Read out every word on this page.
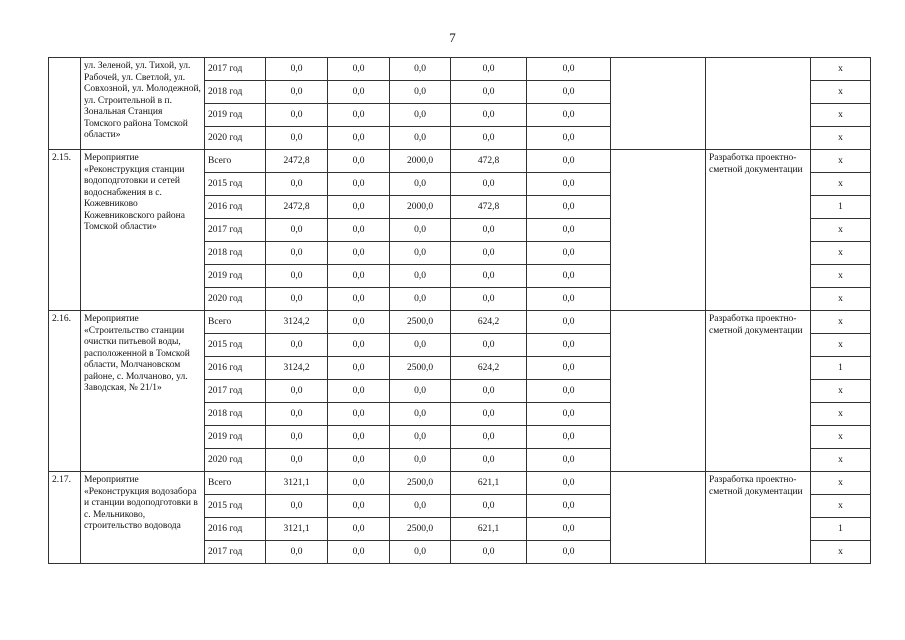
7
	ул. Зеленой, ул. Тихой, ул. Рабочей, ул. Светлой, ул. Совхозной, ул. Молодежной, ул. Строительной в п. Зональная Станция Томского района Томской области»	2017 год	0,0	0,0	0,0	0,0	0,0			х
		2018 год	0,0	0,0	0,0	0,0	0,0			х
		2019 год	0,0	0,0	0,0	0,0	0,0			х
		2020 год	0,0	0,0	0,0	0,0	0,0			х
2.15.	Мероприятие «Реконструкция станции водоподготовки и сетей водоснабжения в с. Кожевниково Кожевниковского района Томской области»	Всего	2472,8	0,0	2000,0	472,8	0,0		Разработка проектно-сметной документации	х
		2015 год	0,0	0,0	0,0	0,0	0,0			х
		2016 год	2472,8	0,0	2000,0	472,8	0,0			1
		2017 год	0,0	0,0	0,0	0,0	0,0			х
		2018 год	0,0	0,0	0,0	0,0	0,0			х
		2019 год	0,0	0,0	0,0	0,0	0,0			х
		2020 год	0,0	0,0	0,0	0,0	0,0			х
2.16.	Мероприятие «Строительство станции очистки питьевой воды, расположенной в Томской области, Молчановском районе, с. Молчаново, ул. Заводская, № 21/1»	Всего	3124,2	0,0	2500,0	624,2	0,0		Разработка проектно-сметной документации	х
		2015 год	0,0	0,0	0,0	0,0	0,0			х
		2016 год	3124,2	0,0	2500,0	624,2	0,0			1
		2017 год	0,0	0,0	0,0	0,0	0,0			х
		2018 год	0,0	0,0	0,0	0,0	0,0			х
		2019 год	0,0	0,0	0,0	0,0	0,0			х
		2020 год	0,0	0,0	0,0	0,0	0,0			х
2.17.	Мероприятие «Реконструкция водозабора и станции водоподготовки в с. Мельниково, строительство водовода	Всего	3121,1	0,0	2500,0	621,1	0,0		Разработка проектно-сметной документации	х
		2015 год	0,0	0,0	0,0	0,0	0,0			х
		2016 год	3121,1	0,0	2500,0	621,1	0,0			1
		2017 год	0,0	0,0	0,0	0,0	0,0			х
